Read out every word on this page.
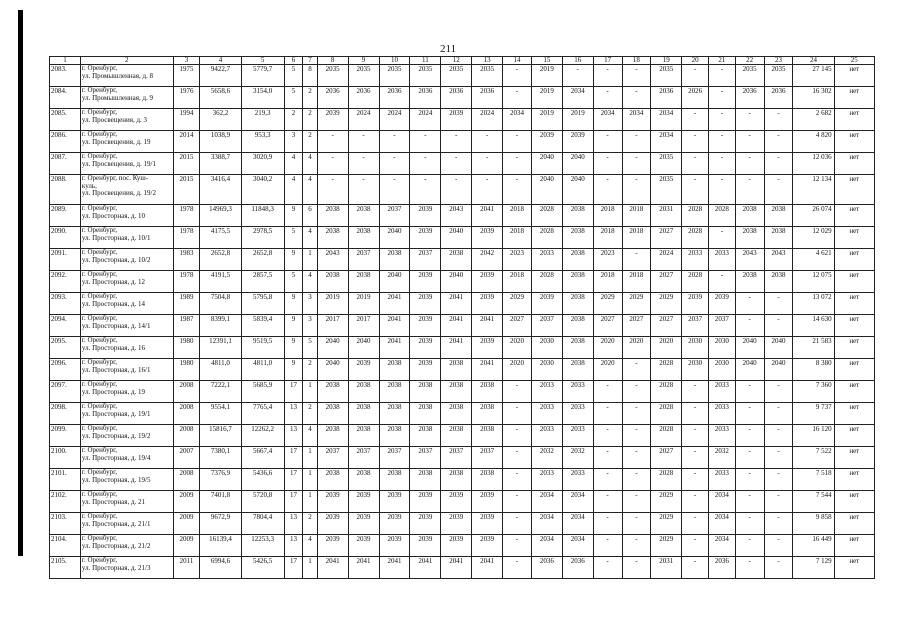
211
1	2	3	4	5	6	7	8	9	10	11	12	13	14	15	16	17	18	19	20	21	22	23	24	25
2083.	г. Оренбург,
ул. Промышленная, д. 8	1975	9422,7	5779,7	5	8	2035	2035	2035	2035	2035	2035	-	2019	-	-	-	2035	-	-	2035	2035	27 145	нет
2084.	г. Оренбург,
ул. Промышленная, д. 9	1976	5658,6	3154,0	5	2	2036	2036	2036	2036	2036	2036	-	2019	2034	-	-	2036	2026	-	2036	2036	16 302	нет
2085.	г. Оренбург,
ул. Просвещения, д. 3	1994	362,2	219,3	2	2	2039	2024	2024	2024	2039	2024	2034	2019	2019	2034	2034	2034	-	-	-	-	2 682	нет
2086.	г. Оренбург,
ул. Просвещения, д. 19	2014	1038,9	953,3	3	2	-	-	-	-	-	-	-	2039	2039	-	-	2034	-	-	-	-	4 820	нет
2087.	г. Оренбург,
ул. Просвещения, д. 19/1	2015	3388,7	3020,9	4	4	-	-	-	-	-	-	-	2040	2040	-	-	2035	-	-	-	-	12 036	нет
2088.	г. Оренбург, пос. Куш-
куль,
ул. Просвещения, д. 19/2	2015	3416,4	3040,2	4	4	-	-	-	-	-	-	-	2040	2040	-	-	2035	-	-	-	-	12 134	нет
2089.	г. Оренбург,
ул. Просторная, д. 10	1978	14969,3	11848,3	9	6	2038	2038	2037	2039	2043	2041	2018	2028	2038	2018	2018	2031	2028	2028	2038	2038	26 074	нет
2090.	г. Оренбург,
ул. Просторная, д. 10/1	1978	4175,5	2978,5	5	4	2038	2038	2040	2039	2040	2039	2018	2028	2038	2018	2018	2027	2028	-	2038	2038	12 029	нет
2091.	г. Оренбург,
ул. Просторная, д. 10/2	1983	2652,8	2652,8	9	1	2043	2037	2038	2037	2038	2042	2023	2033	2038	2023	-	2024	2033	2033	2043	2043	4 621	нет
2092.	г. Оренбург,
ул. Просторная, д. 12	1978	4191,5	2857,5	5	4	2038	2038	2040	2039	2040	2039	2018	2028	2038	2018	2018	2027	2028	-	2038	2038	12 075	нет
2093.	г. Оренбург,
ул. Просторная, д. 14	1989	7504,8	5795,8	9	3	2019	2019	2041	2039	2041	2039	2029	2039	2038	2029	2029	2029	2039	2039	-	-	13 072	нет
2094.	г. Оренбург,
ул. Просторная, д. 14/1	1987	8399,1	5839,4	9	3	2017	2017	2041	2039	2041	2041	2027	2037	2038	2027	2027	2027	2037	2037	-	-	14 630	нет
2095.	г. Оренбург,
ул. Просторная, д. 16	1980	12391,1	9519,5	9	5	2040	2040	2041	2039	2041	2039	2020	2030	2038	2020	2020	2020	2030	2030	2040	2040	21 583	нет
2096.	г. Оренбург,
ул. Просторная, д. 16/1	1980	4811,0	4811,0	9	2	2040	2039	2038	2039	2038	2041	2020	2030	2038	2020	-	2028	2030	2030	2040	2040	8 380	нет
2097.	г. Оренбург,
ул. Просторная, д. 19	2008	7222,1	5685,9	17	1	2038	2038	2038	2038	2038	2038	-	2033	2033	-	-	2028	-	2033	-	-	7 360	нет
2098.	г. Оренбург,
ул. Просторная, д. 19/1	2008	9554,1	7765,4	13	2	2038	2038	2038	2038	2038	2038	-	2033	2033	-	-	2028	-	2033	-	-	9 737	нет
2099.	г. Оренбург,
ул. Просторная, д. 19/2	2008	15816,7	12262,2	13	4	2038	2038	2038	2038	2038	2038	-	2033	2033	-	-	2028	-	2033	-	-	16 120	нет
2100.	г. Оренбург,
ул. Просторная, д. 19/4	2007	7380,1	5667,4	17	1	2037	2037	2037	2037	2037	2037	-	2032	2032	-	-	2027	-	2032	-	-	7 522	нет
2101.	г. Оренбург,
ул. Просторная, д. 19/5	2008	7376,9	5436,6	17	1	2038	2038	2038	2038	2038	2038	-	2033	2033	-	-	2028	-	2033	-	-	7 518	нет
2102.	г. Оренбург,
ул. Просторная, д. 21	2009	7401,8	5720,8	17	1	2039	2039	2039	2039	2039	2039	-	2034	2034	-	-	2029	-	2034	-	-	7 544	нет
2103.	г. Оренбург,
ул. Просторная, д. 21/1	2009	9672,9	7804,4	13	2	2039	2039	2039	2039	2039	2039	-	2034	2034	-	-	2029	-	2034	-	-	9 858	нет
2104.	г. Оренбург,
ул. Просторная, д. 21/2	2009	16139,4	12253,3	13	4	2039	2039	2039	2039	2039	2039	-	2034	2034	-	-	2029	-	2034	-	-	16 449	нет
2105.	г. Оренбург,
ул. Просторная, д. 21/3	2011	6994,6	5426,5	17	1	2041	2041	2041	2041	2041	2041	-	2036	2036	-	-	2031	-	2036	-	-	7 129	нет
